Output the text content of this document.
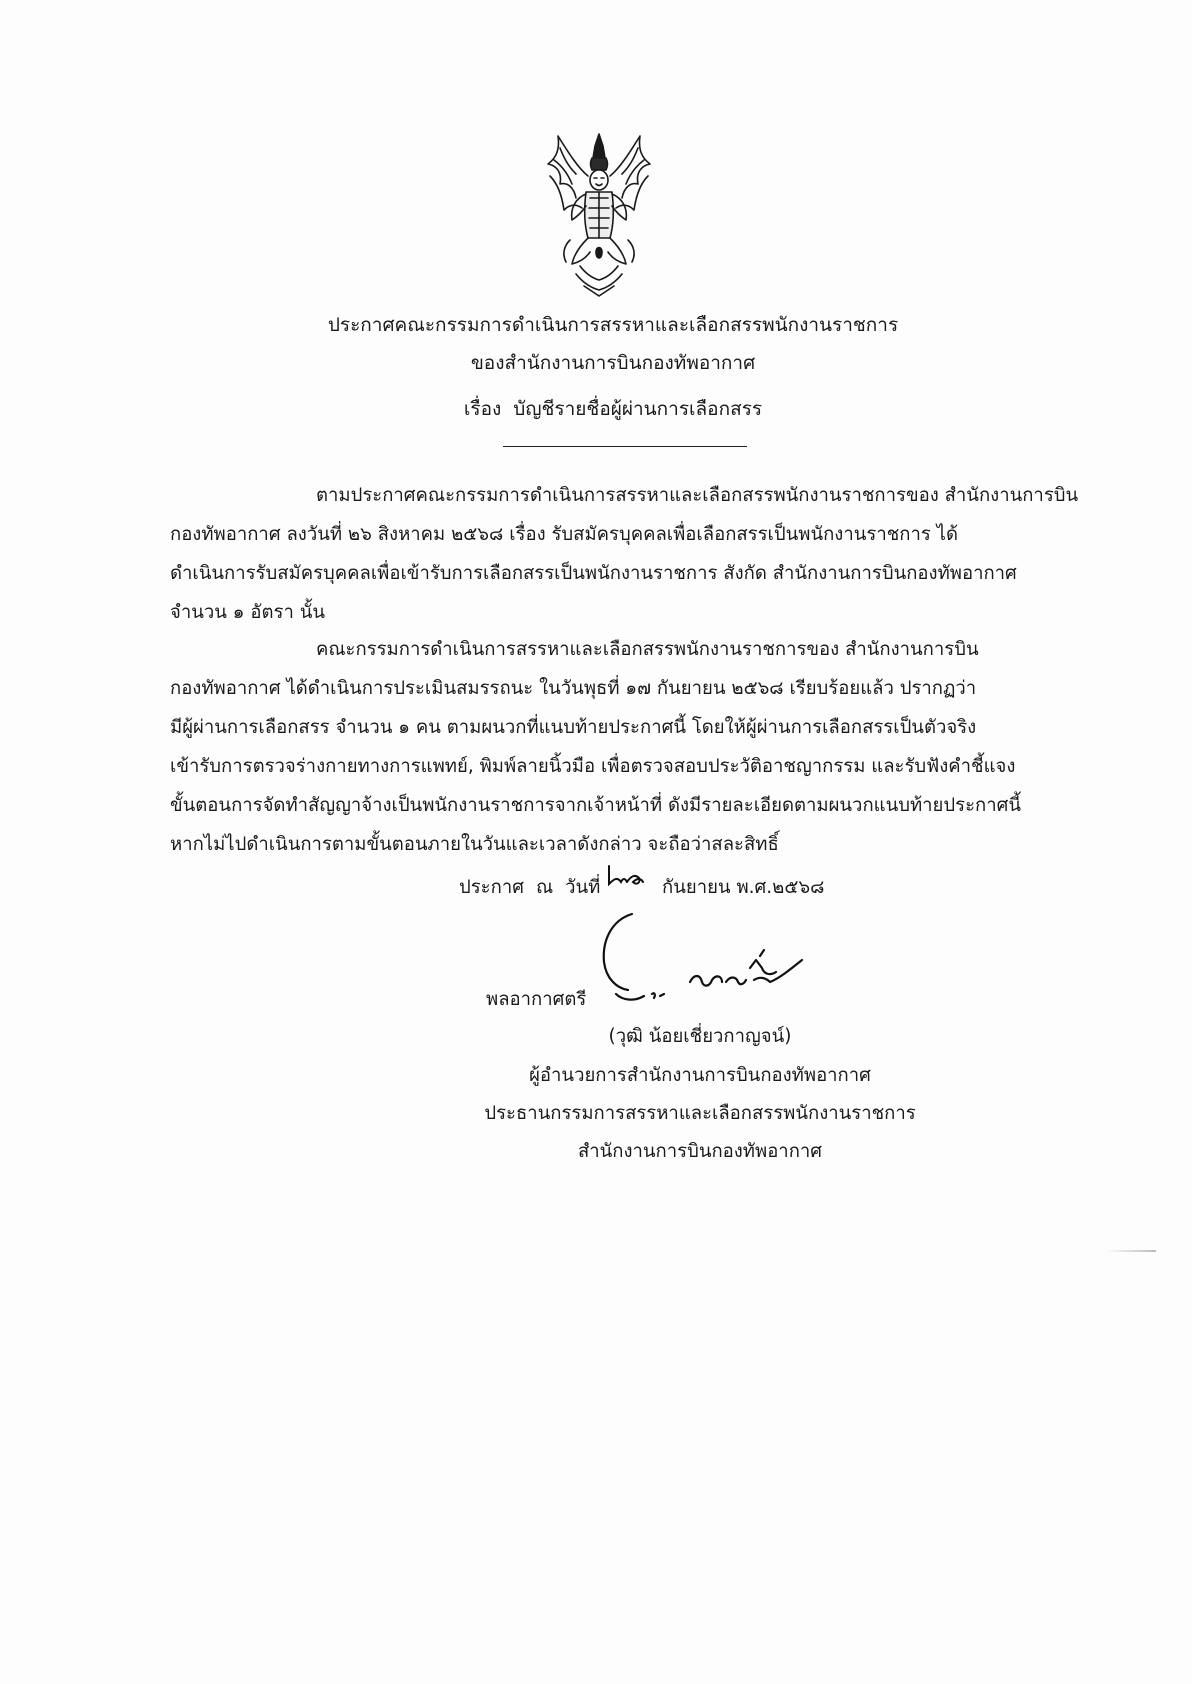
ประกาศคณะกรรมการดำเนินการสรรหาและเลือกสรรพนักงานราชการ
ของสำนักงานการบินกองทัพอากาศ
เรื่อง บัญชีรายชื่อผู้ผ่านการเลือกสรร
ตามประกาศคณะกรรมการดำเนินการสรรหาและเลือกสรรพนักงานราชการของ สำนักงานการบิน
กองทัพอากาศ ลงวันที่ ๒๖ สิงหาคม ๒๕๖๘ เรื่อง รับสมัครบุคคลเพื่อเลือกสรรเป็นพนักงานราชการ ได้
ดำเนินการรับสมัครบุคคลเพื่อเข้ารับการเลือกสรรเป็นพนักงานราชการ สังกัด สำนักงานการบินกองทัพอากาศ
จำนวน ๑ อัตรา นั้น
คณะกรรมการดำเนินการสรรหาและเลือกสรรพนักงานราชการของ สำนักงานการบิน
กองทัพอากาศ ได้ดำเนินการประเมินสมรรถนะ ในวันพุธที่ ๑๗ กันยายน ๒๕๖๘ เรียบร้อยแล้ว ปรากฏว่า
มีผู้ผ่านการเลือกสรร จำนวน ๑ คน ตามผนวกที่แนบท้ายประกาศนี้ โดยให้ผู้ผ่านการเลือกสรรเป็นตัวจริง
เข้ารับการตรวจร่างกายทางการแพทย์, พิมพ์ลายนิ้วมือ เพื่อตรวจสอบประวัติอาชญากรรม และรับฟังคำชี้แจง
ขั้นตอนการจัดทำสัญญาจ้างเป็นพนักงานราชการจากเจ้าหน้าที่ ดังมีรายละเอียดตามผนวกแนบท้ายประกาศนี้
หากไม่ไปดำเนินการตามขั้นตอนภายในวันและเวลาดังกล่าว จะถือว่าสละสิทธิ์
ประกาศ ณ วันที่	กันยายน พ.ศ.๒๕๖๘
พลอากาศตรี
(วุฒิ น้อยเชี่ยวกาญจน์)
ผู้อำนวยการสำนักงานการบินกองทัพอากาศ
ประธานกรรมการสรรหาและเลือกสรรพนักงานราชการ
สำนักงานการบินกองทัพอากาศ
